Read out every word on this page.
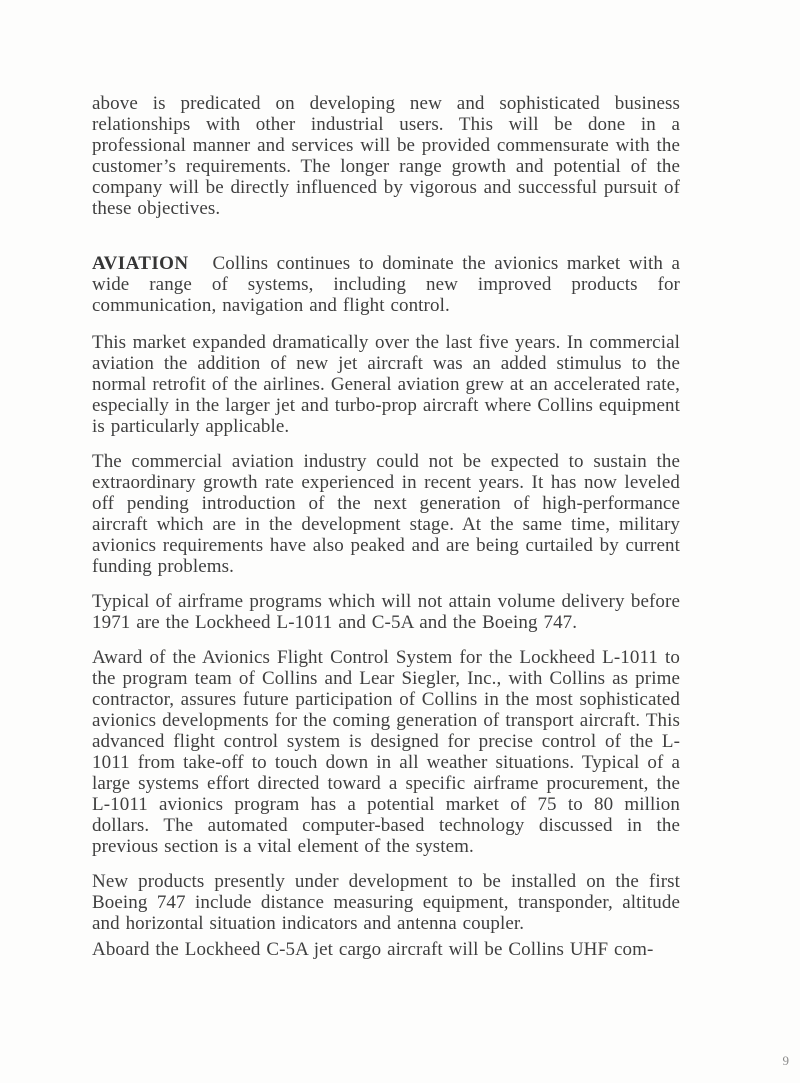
above is predicated on developing new and sophisticated business relationships with other industrial users. This will be done in a professional manner and services will be provided commensurate with the customer’s requirements. The longer range growth and potential of the company will be directly influenced by vigorous and successful pursuit of these objectives.

AVIATION Collins continues to dominate the avionics market with a wide range of systems, including new improved products for communication, navigation and flight control.

This market expanded dramatically over the last five years. In commercial aviation the addition of new jet aircraft was an added stimulus to the normal retrofit of the airlines. General aviation grew at an accelerated rate, especially in the larger jet and turbo-prop aircraft where Collins equipment is particularly applicable.

The commercial aviation industry could not be expected to sustain the extraordinary growth rate experienced in recent years. It has now leveled off pending introduction of the next generation of high-performance aircraft which are in the development stage. At the same time, military avionics requirements have also peaked and are being curtailed by current funding problems.

Typical of airframe programs which will not attain volume delivery before 1971 are the Lockheed L-1011 and C-5A and the Boeing 747.

Award of the Avionics Flight Control System for the Lockheed L-1011 to the program team of Collins and Lear Siegler, Inc., with Collins as prime contractor, assures future participation of Collins in the most sophisticated avionics developments for the coming generation of transport aircraft. This advanced flight control system is designed for precise control of the L-1011 from take-off to touch down in all weather situations. Typical of a large systems effort directed toward a specific airframe procurement, the L-1011 avionics program has a potential market of 75 to 80 million dollars. The automated computer-based technology discussed in the previous section is a vital element of the system.

New products presently under development to be installed on the first Boeing 747 include distance measuring equipment, transponder, altitude and horizontal situation indicators and antenna coupler.

Aboard the Lockheed C-5A jet cargo aircraft will be Collins UHF com-

9
